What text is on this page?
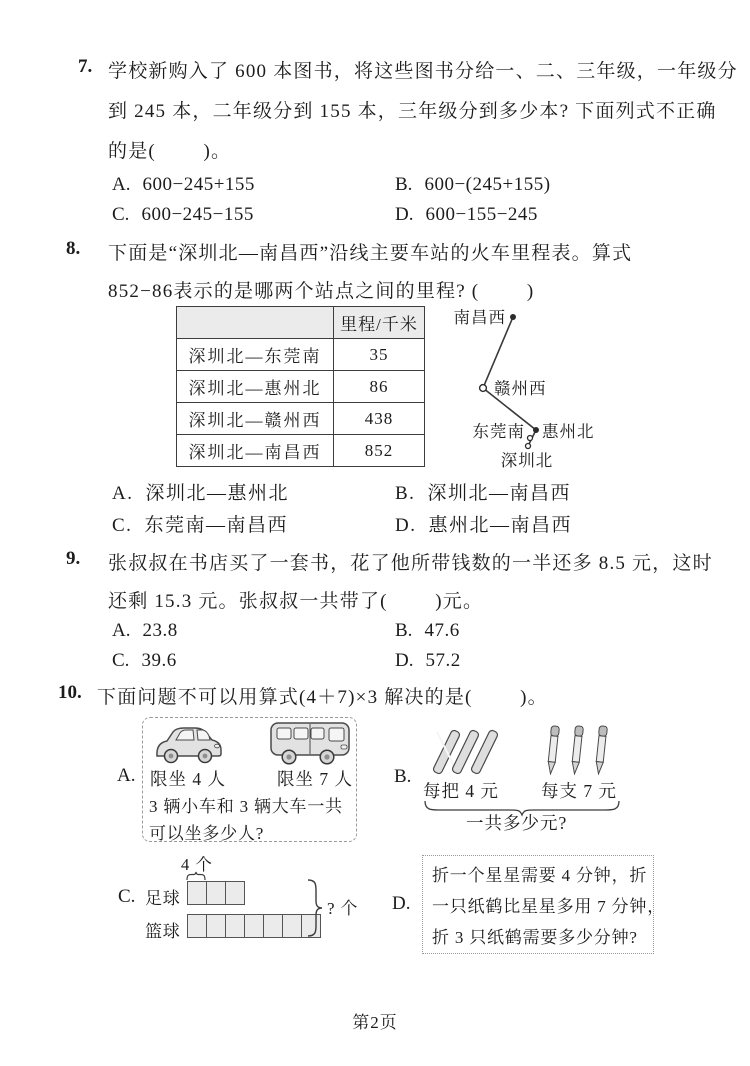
7. 学校新购入了 600 本图书，将这些图书分给一、二、三年级，一年级分
到 245 本，二年级分到 155 本，三年级分到多少本? 下面列式不正确
的是(        )。
A. 600−245+155	B. 600−(245+155)
C. 600−245−155	D. 600−155−245
8. 下面是“深圳北—南昌西”沿线主要车站的火车里程表。算式
852−86表示的是哪两个站点之间的里程? (        )
	里程/千米
深圳北—东莞南	35
深圳北—惠州北	86
深圳北—赣州西	438
深圳北—南昌西	852
南昌西
赣州西
东莞南 惠州北
深圳北
A. 深圳北—惠州北	B. 深圳北—南昌西
C. 东莞南—南昌西	D. 惠州北—南昌西
9. 张叔叔在书店买了一套书，花了他所带钱数的一半还多 8.5 元，这时
还剩 15.3 元。张叔叔一共带了(        )元。
A. 23.8	B. 47.6
C. 39.6	D. 57.2
10. 下面问题不可以用算式(4＋7)×3 解决的是(        )。
A. 限坐 4 人	限坐 7 人
3 辆小车和 3 辆大车一共
可以坐多少人?
B.
每把 4 元 每支 7 元
一共多少元?
C.
4 个
足球
篮球
? 个 D.
折一个星星需要 4 分钟，折
一只纸鹤比星星多用 7 分钟，
折 3 只纸鹤需要多少分钟?
第2页
